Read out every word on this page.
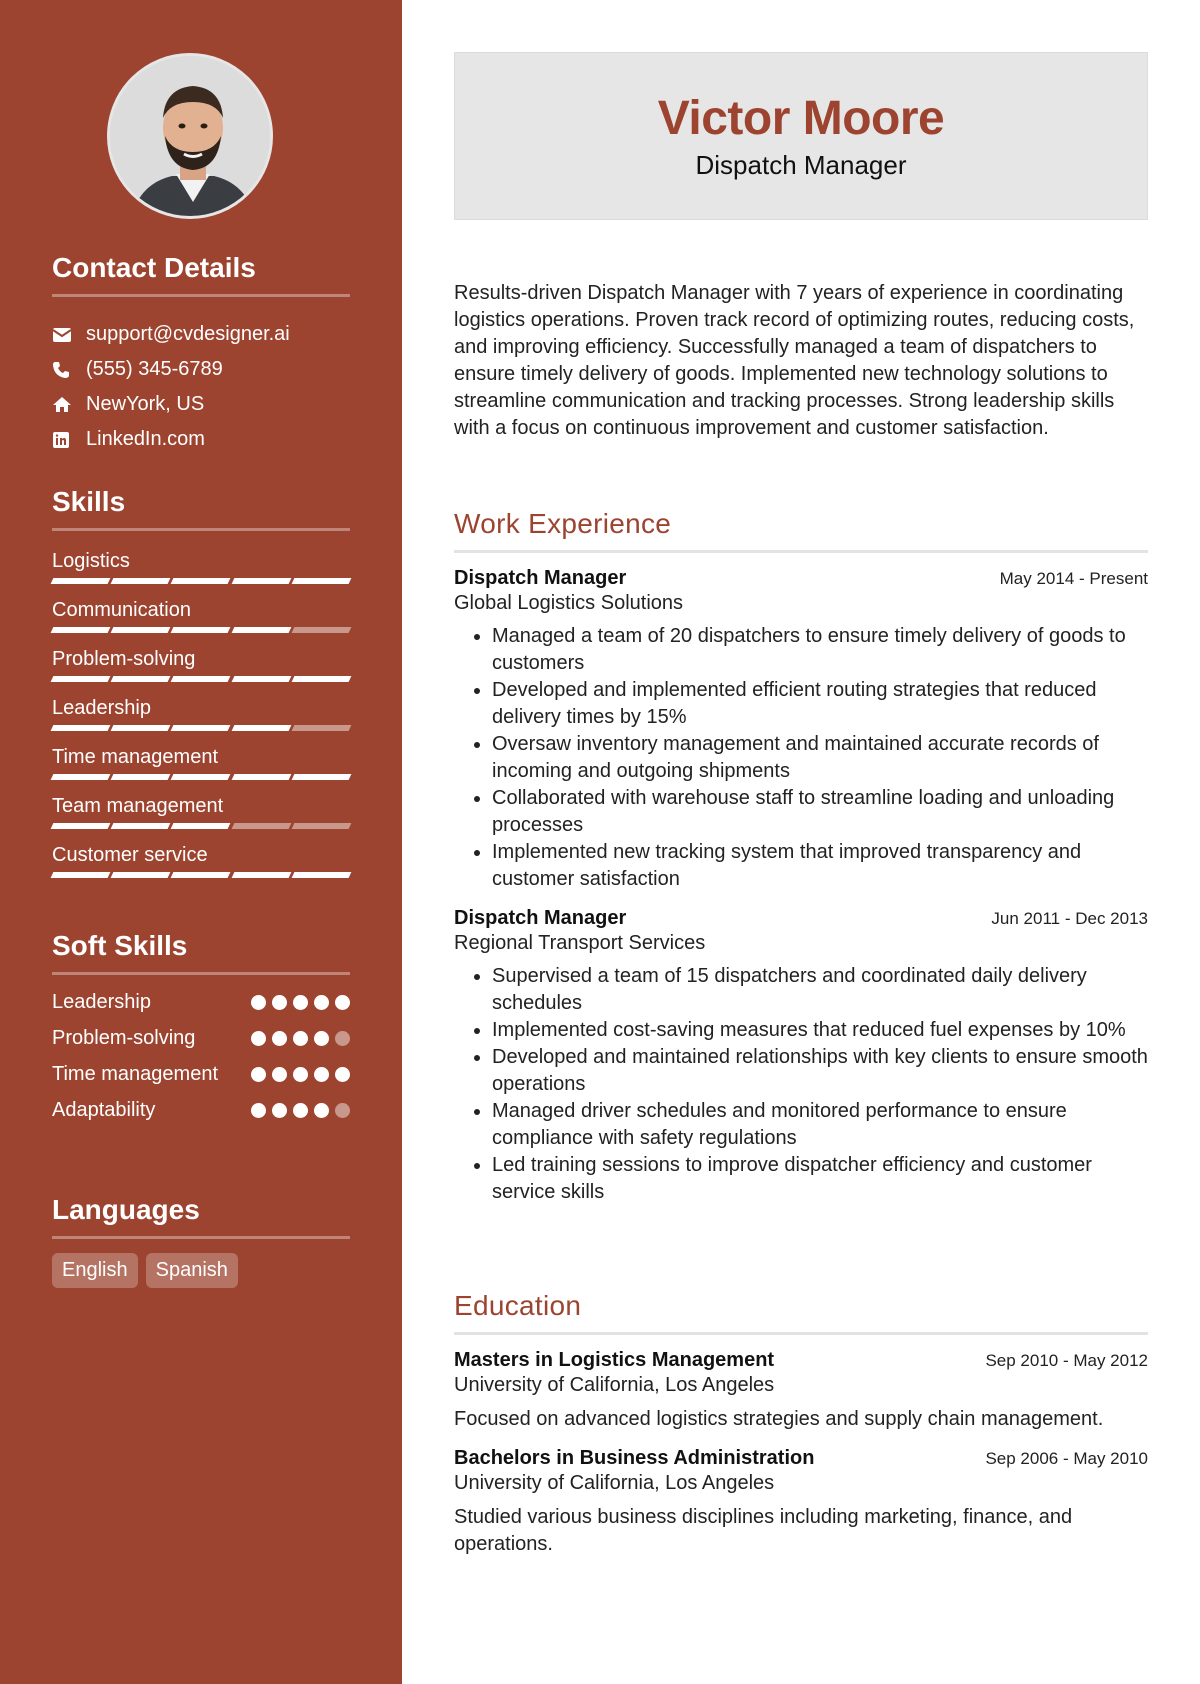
Contact Details
support@cvdesigner.ai
(555) 345-6789
NewYork, US
LinkedIn.com
Skills
Logistics
Communication
Problem-solving
Leadership
Time management
Team management
Customer service
Soft Skills
Leadership
Problem-solving
Time management
Adaptability
Languages
English	Spanish
Victor Moore
Dispatch Manager
Results-driven Dispatch Manager with 7 years of experience in coordinating logistics operations. Proven track record of optimizing routes, reducing costs, and improving efficiency. Successfully managed a team of dispatchers to ensure timely delivery of goods. Implemented new technology solutions to streamline communication and tracking processes. Strong leadership skills with a focus on continuous improvement and customer satisfaction.
Work Experience
Dispatch Manager	May 2014 - Present
Global Logistics Solutions
• Managed a team of 20 dispatchers to ensure timely delivery of goods to customers
• Developed and implemented efficient routing strategies that reduced delivery times by 15%
• Oversaw inventory management and maintained accurate records of incoming and outgoing shipments
• Collaborated with warehouse staff to streamline loading and unloading processes
• Implemented new tracking system that improved transparency and customer satisfaction
Dispatch Manager	Jun 2011 - Dec 2013
Regional Transport Services
• Supervised a team of 15 dispatchers and coordinated daily delivery schedules
• Implemented cost-saving measures that reduced fuel expenses by 10%
• Developed and maintained relationships with key clients to ensure smooth operations
• Managed driver schedules and monitored performance to ensure compliance with safety regulations
• Led training sessions to improve dispatcher efficiency and customer service skills
Education
Masters in Logistics Management	Sep 2010 - May 2012
University of California, Los Angeles
Focused on advanced logistics strategies and supply chain management.
Bachelors in Business Administration	Sep 2006 - May 2010
University of California, Los Angeles
Studied various business disciplines including marketing, finance, and operations.
